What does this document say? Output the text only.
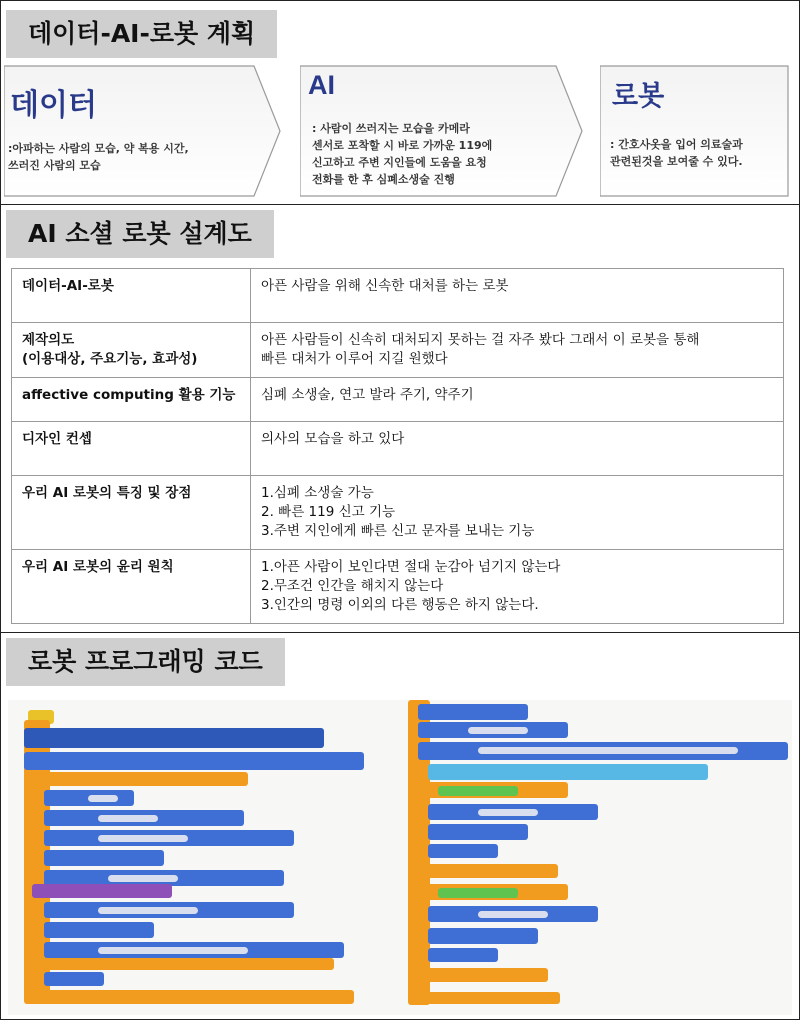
데이터-AI-로봇 계획
데이터
:아파하는 사람의 모습, 약 복용 시간,
쓰러진 사람의 모습
AI
: 사람이 쓰러지는 모습을 카메라
센서로 포착할 시 바로 가까운 119에
신고하고 주변 지인들에 도움을 요청
전화를 한 후 심폐소생술 진행
로봇
: 간호사옷을 입어 의료술과
관련된것을 보여줄 수 있다.
AI 소셜 로봇 설계도
데이터-AI-로봇	아픈 사람을 위해 신속한 대처를 하는 로봇
제작의도
(이용대상, 주요기능, 효과성)	아픈 사람들이 신속히 대처되지 못하는 걸 자주 봤다 그래서 이 로봇을 통해
빠른 대처가 이루어 지길 원했다
affective computing 활용 기능	심폐 소생술, 연고 발라 주기, 약주기
디자인 컨셉	의사의 모습을 하고 있다
우리 AI 로봇의 특징 및 장점	1.심폐 소생술 가능
2. 빠른 119 신고 기능
3.주변 지인에게 빠른 신고 문자를 보내는 기능
우리 AI 로봇의 윤리 원칙	1.아픈 사람이 보인다면 절대 눈감아 넘기지 않는다
2.무조건 인간을 해치지 않는다
3.인간의 명령 이외의 다른 행동은 하지 않는다.
로봇 프로그래밍 코드
